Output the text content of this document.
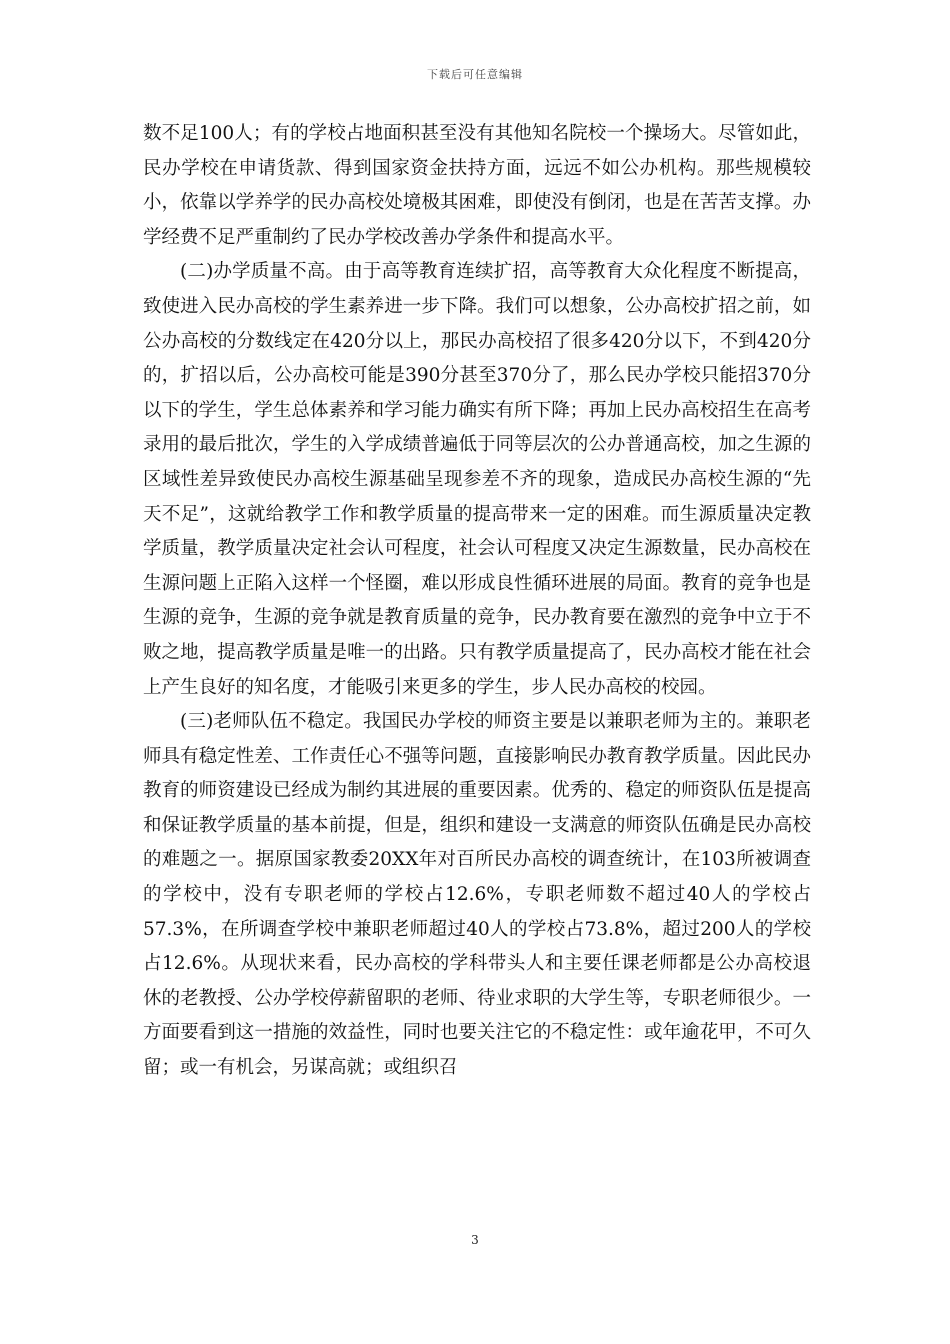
下载后可任意编辑

数不足100人；有的学校占地面积甚至没有其他知名院校一个操场大。尽管如此，民办学校在申请货款、得到国家资金扶持方面，远远不如公办机构。那些规模较小，依靠以学养学的民办高校处境极其困难，即使没有倒闭，也是在苦苦支撑。办学经费不足严重制约了民办学校改善办学条件和提高水平。

(二)办学质量不高。由于高等教育连续扩招，高等教育大众化程度不断提高，致使进入民办高校的学生素养进一步下降。我们可以想象，公办高校扩招之前，如公办高校的分数线定在420分以上，那民办高校招了很多420分以下，不到420分的，扩招以后，公办高校可能是390分甚至370分了，那么民办学校只能招370分以下的学生，学生总体素养和学习能力确实有所下降；再加上民办高校招生在高考录用的最后批次，学生的入学成绩普遍低于同等层次的公办普通高校，加之生源的区域性差异致使民办高校生源基础呈现参差不齐的现象，造成民办高校生源的“先天不足”，这就给教学工作和教学质量的提高带来一定的困难。而生源质量决定教学质量，教学质量决定社会认可程度，社会认可程度又决定生源数量，民办高校在生源问题上正陷入这样一个怪圈，难以形成良性循环进展的局面。教育的竞争也是生源的竞争，生源的竞争就是教育质量的竞争，民办教育要在激烈的竞争中立于不败之地，提高教学质量是唯一的出路。只有教学质量提高了，民办高校才能在社会上产生良好的知名度，才能吸引来更多的学生，步人民办高校的校园。

(三)老师队伍不稳定。我国民办学校的师资主要是以兼职老师为主的。兼职老师具有稳定性差、工作责任心不强等问题，直接影响民办教育教学质量。因此民办教育的师资建设已经成为制约其进展的重要因素。优秀的、稳定的师资队伍是提高和保证教学质量的基本前提，但是，组织和建设一支满意的师资队伍确是民办高校的难题之一。据原国家教委20XX年对百所民办高校的调查统计，在103所被调查的学校中，没有专职老师的学校占12.6%，专职老师数不超过40人的学校占57.3%，在所调查学校中兼职老师超过40人的学校占73.8%，超过200人的学校占12.6%。从现状来看，民办高校的学科带头人和主要任课老师都是公办高校退休的老教授、公办学校停薪留职的老师、待业求职的大学生等，专职老师很少。一方面要看到这一措施的效益性，同时也要关注它的不稳定性：或年逾花甲，不可久留；或一有机会，另谋高就；或组织召

3
